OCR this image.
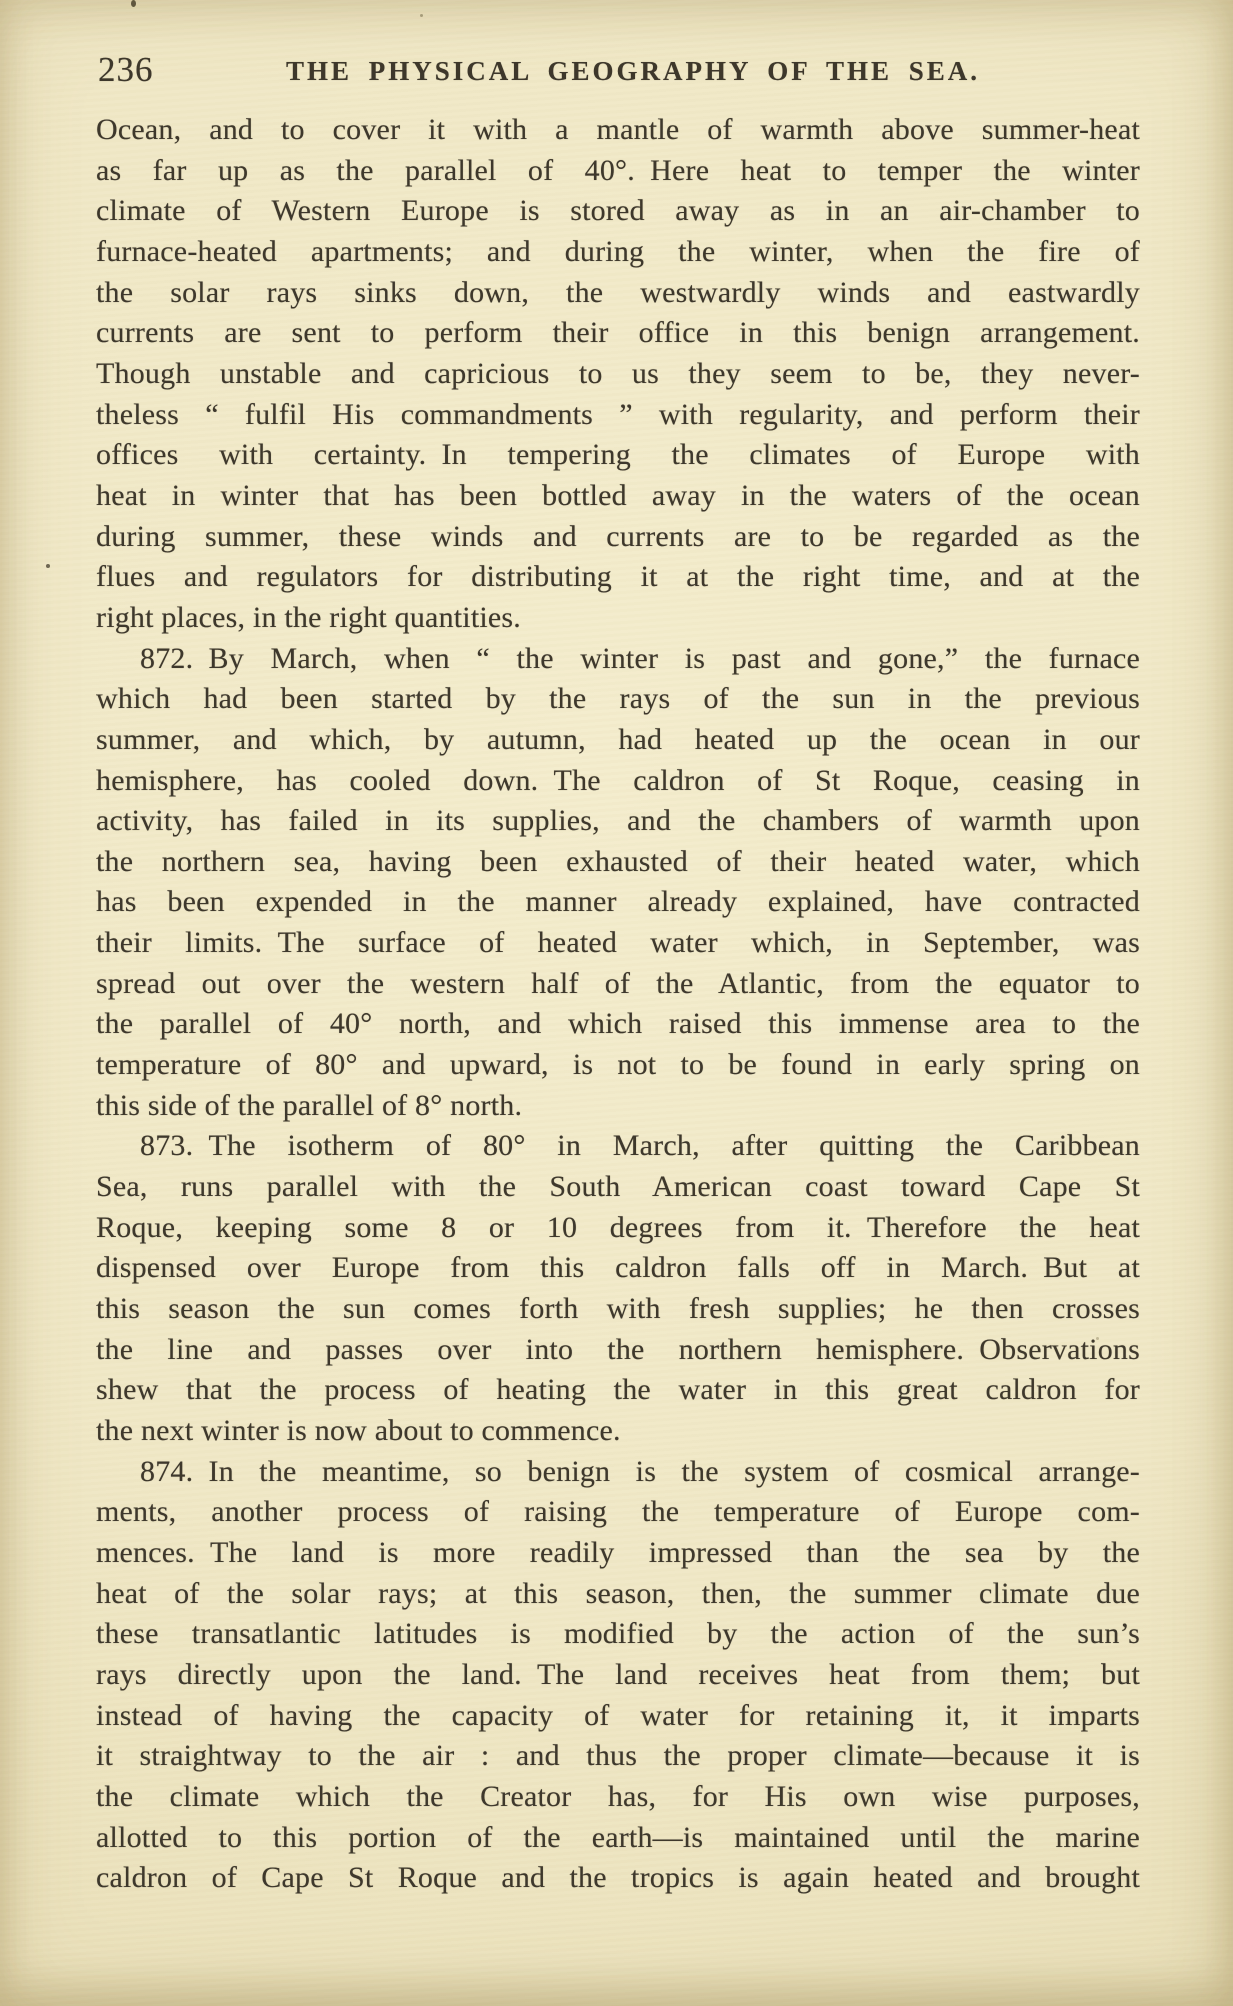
236	THE PHYSICAL GEOGRAPHY OF THE SEA.
Ocean, and to cover it with a mantle of warmth above summer-heat
as far up as the parallel of 40°. Here heat to temper the winter
climate of Western Europe is stored away as in an air-chamber to
furnace-heated apartments; and during the winter, when the fire of
the solar rays sinks down, the westwardly winds and eastwardly
currents are sent to perform their office in this benign arrangement.
Though unstable and capricious to us they seem to be, they never-
theless “ fulfil His commandments ” with regularity, and perform their
offices with certainty. In tempering the climates of Europe with
heat in winter that has been bottled away in the waters of the ocean
during summer, these winds and currents are to be regarded as the
flues and regulators for distributing it at the right time, and at the
right places, in the right quantities.
872. By March, when “ the winter is past and gone,” the furnace
which had been started by the rays of the sun in the previous
summer, and which, by autumn, had heated up the ocean in our
hemisphere, has cooled down. The caldron of St Roque, ceasing in
activity, has failed in its supplies, and the chambers of warmth upon
the northern sea, having been exhausted of their heated water, which
has been expended in the manner already explained, have contracted
their limits. The surface of heated water which, in September, was
spread out over the western half of the Atlantic, from the equator to
the parallel of 40° north, and which raised this immense area to the
temperature of 80° and upward, is not to be found in early spring on
this side of the parallel of 8° north.
873. The isotherm of 80° in March, after quitting the Caribbean
Sea, runs parallel with the South American coast toward Cape St
Roque, keeping some 8 or 10 degrees from it. Therefore the heat
dispensed over Europe from this caldron falls off in March. But at
this season the sun comes forth with fresh supplies; he then crosses
the line and passes over into the northern hemisphere. Observations
shew that the process of heating the water in this great caldron for
the next winter is now about to commence.
874. In the meantime, so benign is the system of cosmical arrange-
ments, another process of raising the temperature of Europe com-
mences. The land is more readily impressed than the sea by the
heat of the solar rays; at this season, then, the summer climate due
these transatlantic latitudes is modified by the action of the sun’s
rays directly upon the land. The land receives heat from them; but
instead of having the capacity of water for retaining it, it imparts
it straightway to the air : and thus the proper climate—because it is
the climate which the Creator has, for His own wise purposes,
allotted to this portion of the earth—is maintained until the marine
caldron of Cape St Roque and the tropics is again heated and brought
